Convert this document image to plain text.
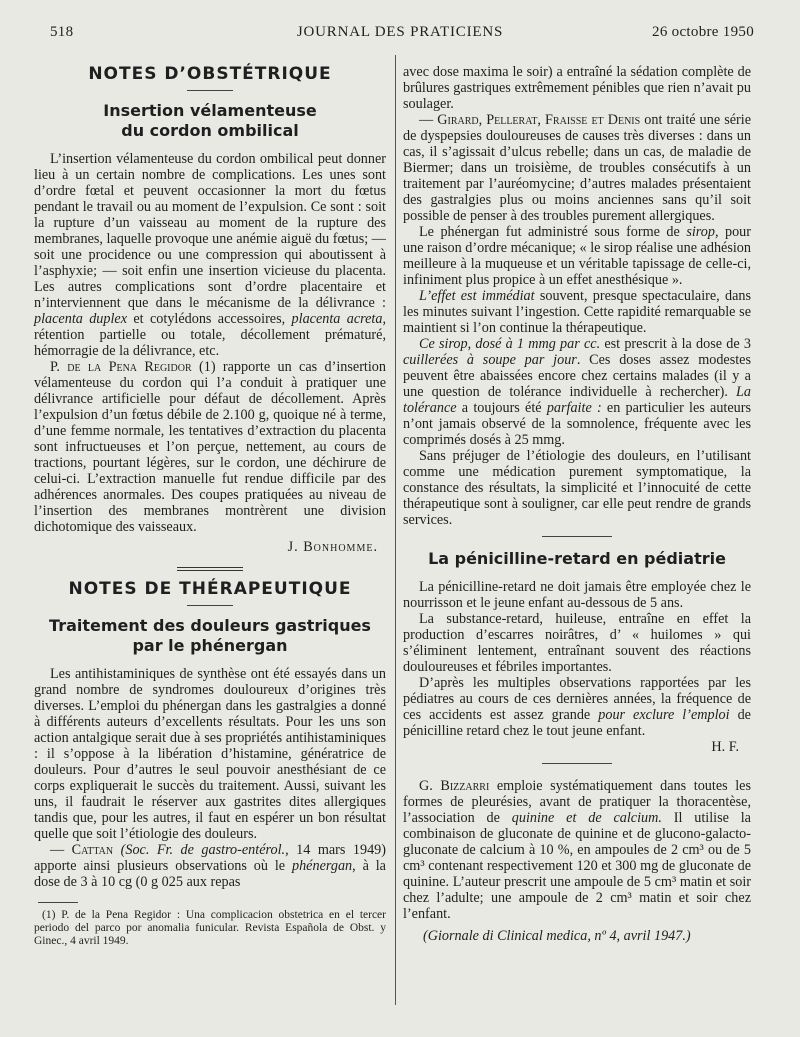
518	JOURNAL DES PRATICIENS	26 octobre 1950
NOTES D’OBSTÉTRIQUE
Insertion vélamenteuse
du cordon ombilical

L’insertion vélamenteuse du cordon ombilical peut donner lieu à un certain nombre de complications. Les unes sont d’ordre fœtal et peuvent occasionner la mort du fœtus pendant le travail ou au moment de l’expulsion. Ce sont : soit la rupture d’un vaisseau au moment de la rupture des membranes, laquelle provoque une anémie aiguë du fœtus; — soit une procidence ou une compression qui aboutissent à l’asphyxie; — soit enfin une insertion vicieuse du placenta. Les autres complications sont d’ordre placentaire et n’interviennent que dans le mécanisme de la délivrance : placenta duplex et cotylédons accessoires, placenta acreta, rétention partielle ou totale, décollement prématuré, hémorragie de la délivrance, etc.

P. de la Pena Regidor (1) rapporte un cas d’insertion vélamenteuse du cordon qui l’a conduit à pratiquer une délivrance artificielle pour défaut de décollement. Après l’expulsion d’un fœtus débile de 2.100 g, quoique né à terme, d’une femme normale, les tentatives d’extraction du placenta sont infructueuses et l’on perçue, nettement, au cours de tractions, pourtant légères, sur le cordon, une déchirure de celui-ci. L’extraction manuelle fut rendue difficile par des adhérences anormales. Des coupes pratiquées au niveau de l’insertion des membranes montrèrent une division dichotomique des vaisseaux.

J. Bonhomme.
NOTES DE THÉRAPEUTIQUE
Traitement des douleurs gastriques
par le phénergan

Les antihistaminiques de synthèse ont été essayés dans un grand nombre de syndromes douloureux d’origines très diverses. L’emploi du phénergan dans les gastralgies a donné à différents auteurs d’excellents résultats. Pour les uns son action antalgique serait due à ses propriétés antihistaminiques : il s’oppose à la libération d’histamine, génératrice de douleurs. Pour d’autres le seul pouvoir anesthésiant de ce corps expliquerait le succès du traitement. Aussi, suivant les uns, il faudrait le réserver aux gastrites dites allergiques tandis que, pour les autres, il faut en espérer un bon résultat quelle que soit l’étiologie des douleurs.

— Cattan (Soc. Fr. de gastro-entérol., 14 mars 1949) apporte ainsi plusieurs observations où le phénergan, à la dose de 3 à 10 cg (0 g 025 aux repas

(1) P. de la Pena Regidor : Una complicacion obstetrica en el tercer periodo del parco por anomalia funicular. Revista Española de Obst. y Ginec., 4 avril 1949.

avec dose maxima le soir) a entraîné la sédation complète de brûlures gastriques extrêmement pénibles que rien n’avait pu soulager.

— Girard, Pellerat, Fraisse et Denis ont traité une série de dyspepsies douloureuses de causes très diverses : dans un cas, il s’agissait d’ulcus rebelle; dans un cas, de maladie de Biermer; dans un troisième, de troubles consécutifs à un traitement par l’auréomycine; d’autres malades présentaient des gastralgies plus ou moins anciennes sans qu’il soit possible de penser à des troubles purement allergiques.

Le phénergan fut administré sous forme de sirop, pour une raison d’ordre mécanique; « le sirop réalise une adhésion meilleure à la muqueuse et un véritable tapissage de celle-ci, infiniment plus propice à un effet anesthésique ».

L’effet est immédiat souvent, presque spectaculaire, dans les minutes suivant l’ingestion. Cette rapidité remarquable se maintient si l’on continue la thérapeutique.

Ce sirop, dosé à 1 mmg par cc. est prescrit à la dose de 3 cuillerées à soupe par jour. Ces doses assez modestes peuvent être abaissées encore chez certains malades (il y a une question de tolérance individuelle à rechercher). La tolérance a toujours été parfaite : en particulier les auteurs n’ont jamais observé de la somnolence, fréquente avec les comprimés dosés à 25 mmg.

Sans préjuger de l’étiologie des douleurs, en l’utilisant comme une médication purement symptomatique, la constance des résultats, la simplicité et l’innocuité de cette thérapeutique sont à souligner, car elle peut rendre de grands services.

La pénicilline-retard en pédiatrie

La pénicilline-retard ne doit jamais être employée chez le nourrisson et le jeune enfant au-dessous de 5 ans.

La substance-retard, huileuse, entraîne en effet la production d’escarres noirâtres, d’ « huilomes » qui s’éliminent lentement, entraînant souvent des réactions douloureuses et fébriles importantes.

D’après les multiples observations rapportées par les pédiatres au cours de ces dernières années, la fréquence de ces accidents est assez grande pour exclure l’emploi de pénicilline retard chez le tout jeune enfant.

H. F.

G. Bizzarri emploie systématiquement dans toutes les formes de pleurésies, avant de pratiquer la thoracentèse, l’association de quinine et de calcium. Il utilise la combinaison de gluconate de quinine et de glucono-galacto-gluconate de calcium à 10 %, en ampoules de 2 cm³ ou de 5 cm³ contenant respectivement 120 et 300 mg de gluconate de quinine. L’auteur prescrit une ampoule de 5 cm³ matin et soir chez l’adulte; une ampoule de 2 cm³ matin et soir chez l’enfant.

(Giornale di Clinical medica, nº 4, avril 1947.)
